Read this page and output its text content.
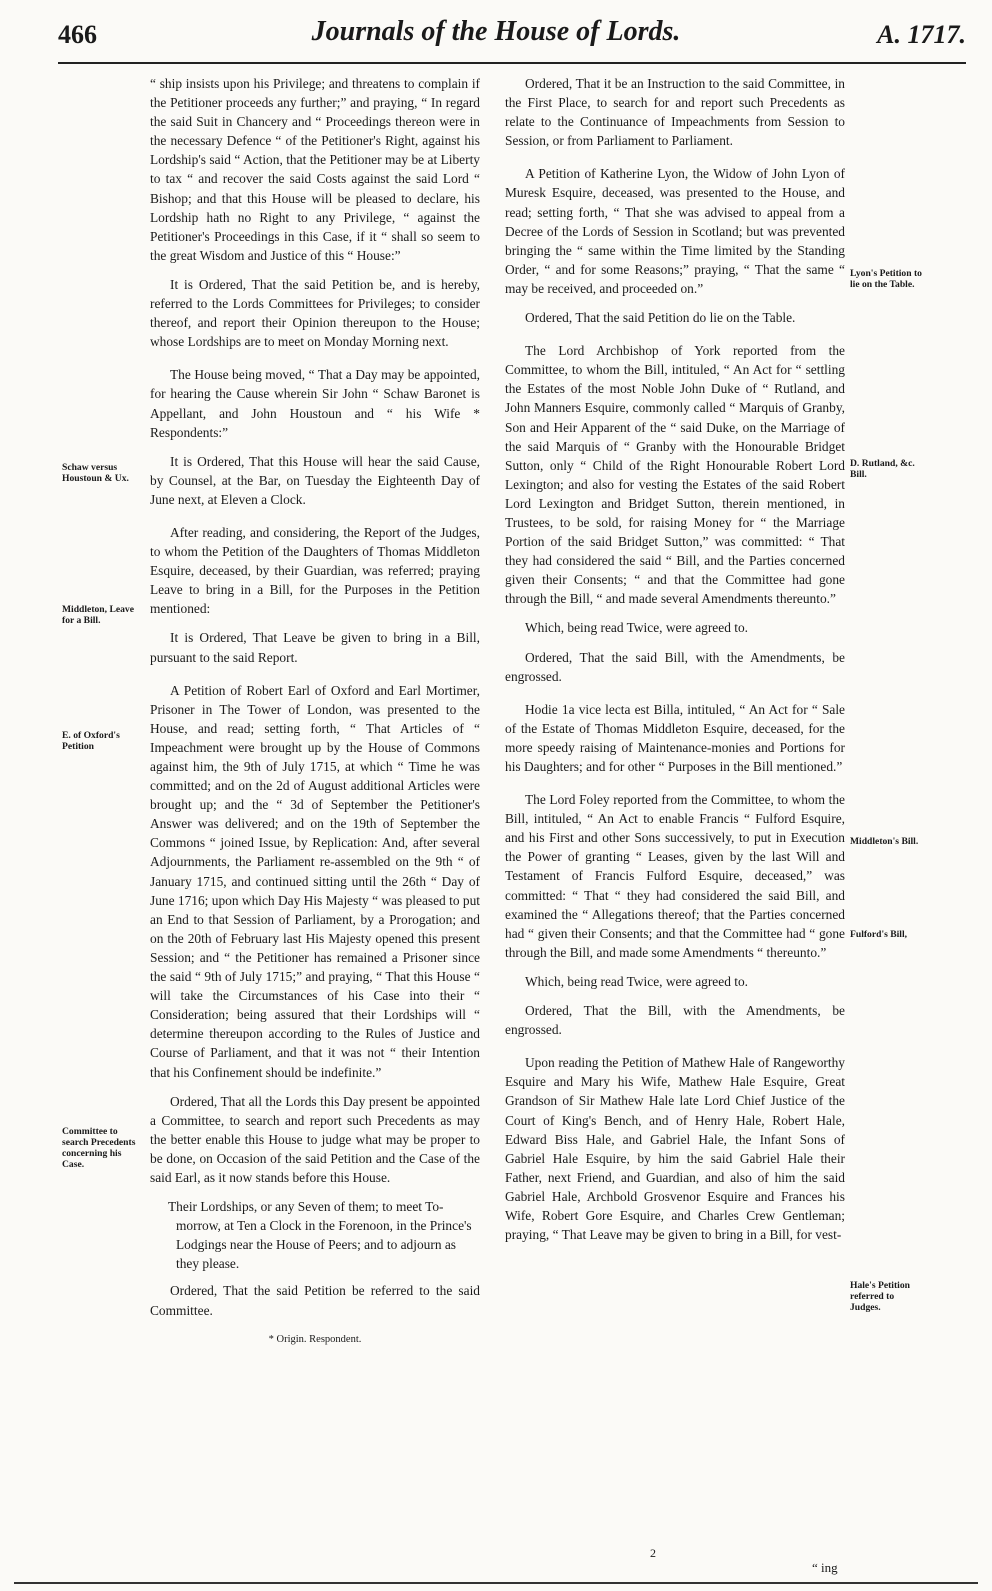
466	Journals of the House of Lords.	A. 1717.

“ ship insists upon his Privilege; and threatens to complain if the Petitioner proceeds any further;” and praying, “ In regard the said Suit in Chancery and “ Proceedings thereon were in the necessary Defence “ of the Petitioner's Right, against his Lordship's said “ Action, that the Petitioner may be at Liberty to tax “ and recover the said Costs against the said Lord “ Bishop; and that this House will be pleased to declare, his Lordship hath no Right to any Privilege, “ against the Petitioner's Proceedings in this Case, if it “ shall so seem to the great Wisdom and Justice of this “ House:”

It is Ordered, That the said Petition be, and is hereby, referred to the Lords Committees for Privileges; to consider thereof, and report their Opinion thereupon to the House; whose Lordships are to meet on Monday Morning next.

The House being moved, “ That a Day may be appointed, for hearing the Cause wherein Sir John “ Schaw Baronet is Appellant, and John Houstoun and “ his Wife * Respondents:”

It is Ordered, That this House will hear the said Cause, by Counsel, at the Bar, on Tuesday the Eighteenth Day of June next, at Eleven a Clock.

After reading, and considering, the Report of the Judges, to whom the Petition of the Daughters of Thomas Middleton Esquire, deceased, by their Guardian, was referred; praying Leave to bring in a Bill, for the Purposes in the Petition mentioned:

It is Ordered, That Leave be given to bring in a Bill, pursuant to the said Report.

A Petition of Robert Earl of Oxford and Earl Mortimer, Prisoner in The Tower of London, was presented to the House, and read; setting forth, “ That Articles of “ Impeachment were brought up by the House of Commons against him, the 9th of July 1715, at which “ Time he was committed; and on the 2d of August additional Articles were brought up; and the “ 3d of September the Petitioner's Answer was delivered; and on the 19th of September the Commons “ joined Issue, by Replication: And, after several Adjournments, the Parliament re-assembled on the 9th “ of January 1715, and continued sitting until the 26th “ Day of June 1716; upon which Day His Majesty “ was pleased to put an End to that Session of Parliament, by a Prorogation; and on the 20th of February last His Majesty opened this present Session; and “ the Petitioner has remained a Prisoner since the said “ 9th of July 1715;” and praying, “ That this House “ will take the Circumstances of his Case into their “ Consideration; being assured that their Lordships will “ determine thereupon according to the Rules of Justice and Course of Parliament, and that it was not “ their Intention that his Confinement should be indefinite.”

Ordered, That all the Lords this Day present be appointed a Committee, to search and report such Precedents as may the better enable this House to judge what may be proper to be done, on Occasion of the said Petition and the Case of the said Earl, as it now stands before this House.

Their Lordships, or any Seven of them; to meet To-morrow, at Ten a Clock in the Forenoon, in the Prince's Lodgings near the House of Peers; and to adjourn as they please.

Ordered, That the said Petition be referred to the said Committee.

* Origin. Respondent.

Ordered, That it be an Instruction to the said Committee, in the First Place, to search for and report such Precedents as relate to the Continuance of Impeachments from Session to Session, or from Parliament to Parliament.

A Petition of Katherine Lyon, the Widow of John Lyon of Muresk Esquire, deceased, was presented to the House, and read; setting forth, “ That she was advised to appeal from a Decree of the Lords of Session in Scotland; but was prevented bringing the “ same within the Time limited by the Standing Order, “ and for some Reasons;” praying, “ That the same “ may be received, and proceeded on.”

Ordered, That the said Petition do lie on the Table.

The Lord Archbishop of York reported from the Committee, to whom the Bill, intituled, “ An Act for “ settling the Estates of the most Noble John Duke of “ Rutland, and John Manners Esquire, commonly called “ Marquis of Granby, Son and Heir Apparent of the “ said Duke, on the Marriage of the said Marquis of “ Granby with the Honourable Bridget Sutton, only “ Child of the Right Honourable Robert Lord Lexington; and also for vesting the Estates of the said Robert Lord Lexington and Bridget Sutton, therein mentioned, in Trustees, to be sold, for raising Money for “ the Marriage Portion of the said Bridget Sutton,” was committed: “ That they had considered the said “ Bill, and the Parties concerned given their Consents; “ and that the Committee had gone through the Bill, “ and made several Amendments thereunto.”

Which, being read Twice, were agreed to.

Ordered, That the said Bill, with the Amendments, be engrossed.

Hodie 1a vice lecta est Billa, intituled, “ An Act for “ Sale of the Estate of Thomas Middleton Esquire, deceased, for the more speedy raising of Maintenance-monies and Portions for his Daughters; and for other “ Purposes in the Bill mentioned.”

The Lord Foley reported from the Committee, to whom the Bill, intituled, “ An Act to enable Francis “ Fulford Esquire, and his First and other Sons successively, to put in Execution the Power of granting “ Leases, given by the last Will and Testament of Francis Fulford Esquire, deceased,” was committed: “ That “ they had considered the said Bill, and examined the “ Allegations thereof; that the Parties concerned had “ given their Consents; and that the Committee had “ gone through the Bill, and made some Amendments “ thereunto.”

Which, being read Twice, were agreed to.

Ordered, That the Bill, with the Amendments, be engrossed.

Upon reading the Petition of Mathew Hale of Rangeworthy Esquire and Mary his Wife, Mathew Hale Esquire, Great Grandson of Sir Mathew Hale late Lord Chief Justice of the Court of King's Bench, and of Henry Hale, Robert Hale, Edward Biss Hale, and Gabriel Hale, the Infant Sons of Gabriel Hale Esquire, by him the said Gabriel Hale their Father, next Friend, and Guardian, and also of him the said Gabriel Hale, Archbold Grosvenor Esquire and Frances his Wife, Robert Gore Esquire, and Charles Crew Gentleman; praying, “ That Leave may be given to bring in a Bill, for vest-

Schaw versus Houstoun & Ux.
Middleton, Leave for a Bill.
E. of Oxford's Petition
Committee to search Precedents concerning his Case.
Lyon's Petition to lie on the Table.
D. Rutland, &c. Bill.
Middleton's Bill.
Fulford's Bill,
Hale's Petition referred to Judges.
2
“ ing
